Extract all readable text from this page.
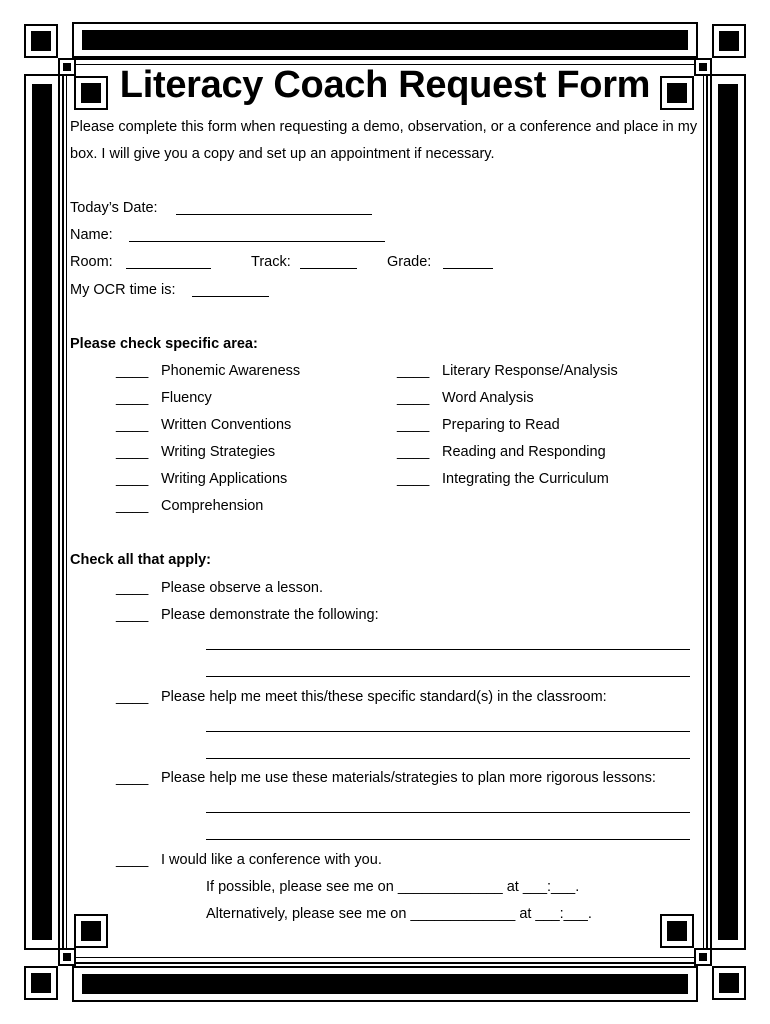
Literacy Coach Request Form
Please complete this form when requesting a demo, observation, or a conference and place in my
box. I will give you a copy and set up an appointment if necessary.
Today’s Date:
Name:
Room:	Track:	Grade:
My OCR time is:
Please check specific area:
____ Phonemic Awareness
____ Fluency
____ Written Conventions
____ Writing Strategies
____ Writing Applications
____ Comprehension
____ Literary Response/Analysis
____ Word Analysis
____ Preparing to Read
____ Reading and Responding
____ Integrating the Curriculum
Check all that apply:
____ Please observe a lesson.
____ Please demonstrate the following:
____ Please help me meet this/these specific standard(s) in the classroom:
____ Please help me use these materials/strategies to plan more rigorous lessons:
____ I would like a conference with you.
If possible, please see me on _____________ at ___:___.
Alternatively, please see me on _____________ at ___:___.
